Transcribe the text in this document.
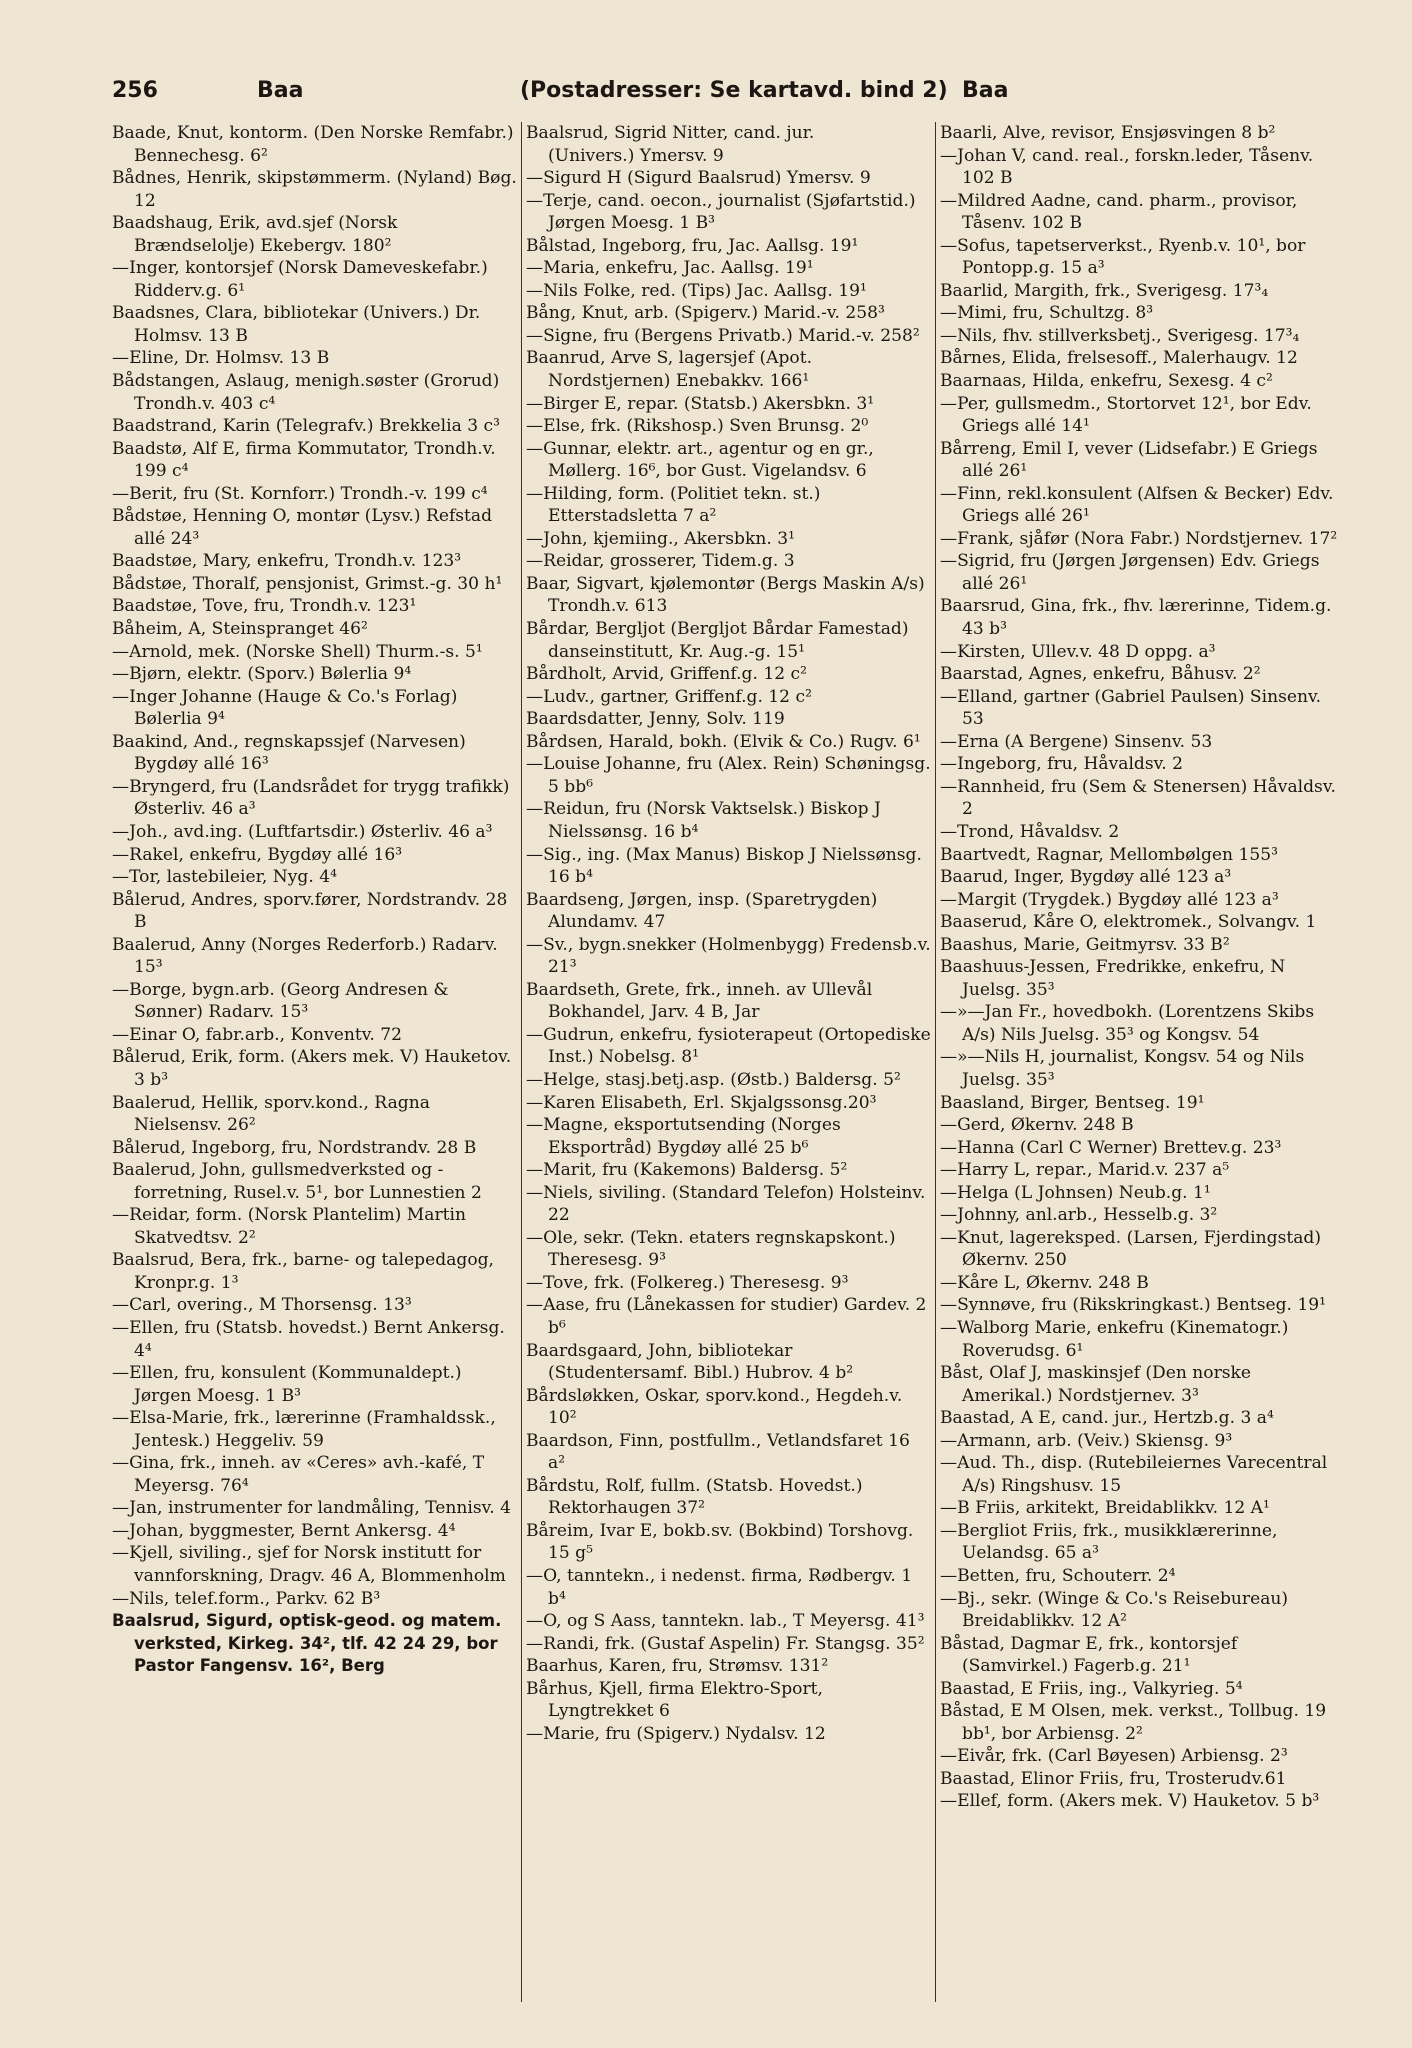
256	Baa	(Postadresser: Se kartavd. bind 2) Baa

Baade, Knut, kontorm. (Den Norske Remfabr.) Bennechesg. 6²

Bådnes, Henrik, skipstømmerm. (Nyland) Bøg. 12

Baadshaug, Erik, avd.sjef (Norsk Brændselolje) Ekebergv. 180²

—Inger, kontorsjef (Norsk Dameveskefabr.) Ridderv.g. 6¹

Baadsnes, Clara, bibliotekar (Univers.) Dr. Holmsv. 13 B

—Eline, Dr. Holmsv. 13 B

Bådstangen, Aslaug, menigh.søster (Grorud) Trondh.v. 403 c⁴

Baadstrand, Karin (Telegrafv.) Brekkelia 3 c³

Baadstø, Alf E, firma Kommutator, Trondh.v. 199 c⁴

—Berit, fru (St. Kornforr.) Trondh.-v. 199 c⁴

Bådstøe, Henning O, montør (Lysv.) Refstad allé 24³

Baadstøe, Mary, enkefru, Trondh.v. 123³

Bådstøe, Thoralf, pensjonist, Grimst.-g. 30 h¹

Baadstøe, Tove, fru, Trondh.v. 123¹

Båheim, A, Steinspranget 46²

—Arnold, mek. (Norske Shell) Thurm.-s. 5¹

—Bjørn, elektr. (Sporv.) Bølerlia 9⁴

—Inger Johanne (Hauge & Co.'s Forlag) Bølerlia 9⁴

Baakind, And., regnskapssjef (Narvesen) Bygdøy allé 16³

—Bryngerd, fru (Landsrådet for trygg trafikk) Østerliv. 46 a³

—Joh., avd.ing. (Luftfartsdir.) Østerliv. 46 a³

—Rakel, enkefru, Bygdøy allé 16³

—Tor, lastebileier, Nyg. 4⁴

Bålerud, Andres, sporv.fører, Nordstrandv. 28 B

Baalerud, Anny (Norges Rederforb.) Radarv. 15³

—Borge, bygn.arb. (Georg Andresen & Sønner) Radarv. 15³

—Einar O, fabr.arb., Konventv. 72

Bålerud, Erik, form. (Akers mek. V) Hauketov. 3 b³

Baalerud, Hellik, sporv.kond., Ragna Nielsensv. 26²

Bålerud, Ingeborg, fru, Nordstrandv. 28 B

Baalerud, John, gullsmedverksted og -forretning, Rusel.v. 5¹, bor Lunnestien 2

—Reidar, form. (Norsk Plantelim) Martin Skatvedtsv. 2²

Baalsrud, Bera, frk., barne- og talepedagog, Kronpr.g. 1³

—Carl, overing., M Thorsensg. 13³

—Ellen, fru (Statsb. hovedst.) Bernt Ankersg. 4⁴

—Ellen, fru, konsulent (Kommunaldept.) Jørgen Moesg. 1 B³

—Elsa-Marie, frk., lærerinne (Framhaldssk., Jentesk.) Heggeliv. 59

—Gina, frk., inneh. av «Ceres» avh.-kafé, T Meyersg. 76⁴

—Jan, instrumenter for landmåling, Tennisv. 4

—Johan, byggmester, Bernt Ankersg. 4⁴

—Kjell, siviling., sjef for Norsk institutt for vannforskning, Dragv. 46 A, Blommenholm

—Nils, telef.form., Parkv. 62 B³

Baalsrud, Sigurd, optisk-geod. og matem. verksted, Kirkeg. 34², tlf. 42 24 29, bor Pastor Fangensv. 16², Berg

Baalsrud, Sigrid Nitter, cand. jur.

(Univers.) Ymersv. 9

—Sigurd H (Sigurd Baalsrud) Ymersv. 9

—Terje, cand. oecon., journalist (Sjøfartstid.) Jørgen Moesg. 1 B³

Bålstad, Ingeborg, fru, Jac. Aallsg. 19¹

—Maria, enkefru, Jac. Aallsg. 19¹

—Nils Folke, red. (Tips) Jac. Aallsg. 19¹

Bång, Knut, arb. (Spigerv.) Marid.-v. 258³

—Signe, fru (Bergens Privatb.) Marid.-v. 258²

Baanrud, Arve S, lagersjef (Apot. Nordstjernen) Enebakkv. 166¹

—Birger E, repar. (Statsb.) Akersbkn. 3¹

—Else, frk. (Rikshosp.) Sven Brunsg. 2⁰

—Gunnar, elektr. art., agentur og en gr., Møllerg. 16⁶, bor Gust. Vigelandsv. 6

—Hilding, form. (Politiet tekn. st.) Etterstadsletta 7 a²

—John, kjemiing., Akersbkn. 3¹

—Reidar, grosserer, Tidem.g. 3

Baar, Sigvart, kjølemontør (Bergs Maskin A/s) Trondh.v. 613

Bårdar, Bergljot (Bergljot Bårdar Famestad) danseinstitutt, Kr. Aug.-g. 15¹

Bårdholt, Arvid, Griffenf.g. 12 c²

—Ludv., gartner, Griffenf.g. 12 c²

Baardsdatter, Jenny, Solv. 119

Bårdsen, Harald, bokh. (Elvik & Co.) Rugv. 6¹

—Louise Johanne, fru (Alex. Rein) Schøningsg. 5 bb⁶

—Reidun, fru (Norsk Vaktselsk.) Biskop J Nielssønsg. 16 b⁴

—Sig., ing. (Max Manus) Biskop J Nielssønsg. 16 b⁴

Baardseng, Jørgen, insp. (Sparetrygden) Alundamv. 47

—Sv., bygn.snekker (Holmenbygg) Fredensb.v. 21³

Baardseth, Grete, frk., inneh. av Ullevål Bokhandel, Jarv. 4 B, Jar

—Gudrun, enkefru, fysioterapeut (Ortopediske Inst.) Nobelsg. 8¹

—Helge, stasj.betj.asp. (Østb.) Baldersg. 5²

—Karen Elisabeth, Erl. Skjalgssonsg.20³

—Magne, eksportutsending (Norges Eksportråd) Bygdøy allé 25 b⁶

—Marit, fru (Kakemons) Baldersg. 5²

—Niels, siviling. (Standard Telefon) Holsteinv. 22

—Ole, sekr. (Tekn. etaters regnskapskont.) Theresesg. 9³

—Tove, frk. (Folkereg.) Theresesg. 9³

—Aase, fru (Lånekassen for studier) Gardev. 2 b⁶

Baardsgaard, John, bibliotekar (Studentersamf. Bibl.) Hubrov. 4 b²

Bårdsløkken, Oskar, sporv.kond., Hegdeh.v. 10²

Baardson, Finn, postfullm., Vetlandsfaret 16 a²

Bårdstu, Rolf, fullm. (Statsb. Hovedst.) Rektorhaugen 37²

Båreim, Ivar E, bokb.sv. (Bokbind) Torshovg. 15 g⁵

—O, tanntekn., i nedenst. firma, Rødbergv. 1 b⁴

—O, og S Aass, tanntekn. lab., T Meyersg. 41³

—Randi, frk. (Gustaf Aspelin) Fr. Stangsg. 35²

Baarhus, Karen, fru, Strømsv. 131²

Bårhus, Kjell, firma Elektro-Sport, Lyngtrekket 6

—Marie, fru (Spigerv.) Nydalsv. 12

Baarli, Alve, revisor, Ensjøsvingen 8 b²

—Johan V, cand. real., forskn.leder, Tåsenv. 102 B

—Mildred Aadne, cand. pharm., provisor, Tåsenv. 102 B

—Sofus, tapetserverkst., Ryenb.v. 10¹, bor Pontopp.g. 15 a³

Baarlid, Margith, frk., Sverigesg. 17³₄

—Mimi, fru, Schultzg. 8³

—Nils, fhv. stillverksbetj., Sverigesg. 17³₄

Bårnes, Elida, frelsesoff., Malerhaugv. 12

Baarnaas, Hilda, enkefru, Sexesg. 4 c²

—Per, gullsmedm., Stortorvet 12¹, bor Edv. Griegs allé 14¹

Bårreng, Emil I, vever (Lidsefabr.) E Griegs allé 26¹

—Finn, rekl.konsulent (Alfsen & Becker) Edv. Griegs allé 26¹

—Frank, sjåfør (Nora Fabr.) Nordstjernev. 17²

—Sigrid, fru (Jørgen Jørgensen) Edv. Griegs allé 26¹

Baarsrud, Gina, frk., fhv. lærerinne, Tidem.g. 43 b³

—Kirsten, Ullev.v. 48 D oppg. a³

Baarstad, Agnes, enkefru, Båhusv. 2²

—Elland, gartner (Gabriel Paulsen) Sinsenv. 53

—Erna (A Bergene) Sinsenv. 53

—Ingeborg, fru, Håvaldsv. 2

—Rannheid, fru (Sem & Stenersen) Håvaldsv. 2

—Trond, Håvaldsv. 2

Baartvedt, Ragnar, Mellombølgen 155³

Baarud, Inger, Bygdøy allé 123 a³

—Margit (Trygdek.) Bygdøy allé 123 a³

Baaserud, Kåre O, elektromek., Solvangv. 1

Baashus, Marie, Geitmyrsv. 33 B²

Baashuus-Jessen, Fredrikke, enkefru, N Juelsg. 35³

—»—Jan Fr., hovedbokh. (Lorentzens Skibs A/s) Nils Juelsg. 35³ og Kongsv. 54

—»—Nils H, journalist, Kongsv. 54 og Nils Juelsg. 35³

Baasland, Birger, Bentseg. 19¹

—Gerd, Økernv. 248 B

—Hanna (Carl C Werner) Brettev.g. 23³

—Harry L, repar., Marid.v. 237 a⁵

—Helga (L Johnsen) Neub.g. 1¹

—Johnny, anl.arb., Hesselb.g. 3²

—Knut, lagereksped. (Larsen, Fjerdingstad) Økernv. 250

—Kåre L, Økernv. 248 B

—Synnøve, fru (Rikskringkast.) Bentseg. 19¹

—Walborg Marie, enkefru (Kinematogr.) Roverudsg. 6¹

Båst, Olaf J, maskinsjef (Den norske Amerikal.) Nordstjernev. 3³

Baastad, A E, cand. jur., Hertzb.g. 3 a⁴

—Armann, arb. (Veiv.) Skiensg. 9³

—Aud. Th., disp. (Rutebileiernes Varecentral A/s) Ringshusv. 15

—B Friis, arkitekt, Breidablikkv. 12 A¹

—Bergliot Friis, frk., musikklærerinne, Uelandsg. 65 a³

—Betten, fru, Schouterr. 2⁴

—Bj., sekr. (Winge & Co.'s Reisebureau) Breidablikkv. 12 A²

Båstad, Dagmar E, frk., kontorsjef (Samvirkel.) Fagerb.g. 21¹

Baastad, E Friis, ing., Valkyrieg. 5⁴

Båstad, E M Olsen, mek. verkst., Tollbug. 19 bb¹, bor Arbiensg. 2²

—Eivår, frk. (Carl Bøyesen) Arbiensg. 2³

Baastad, Elinor Friis, fru, Trosterudv.61

—Ellef, form. (Akers mek. V) Hauketov. 5 b³
